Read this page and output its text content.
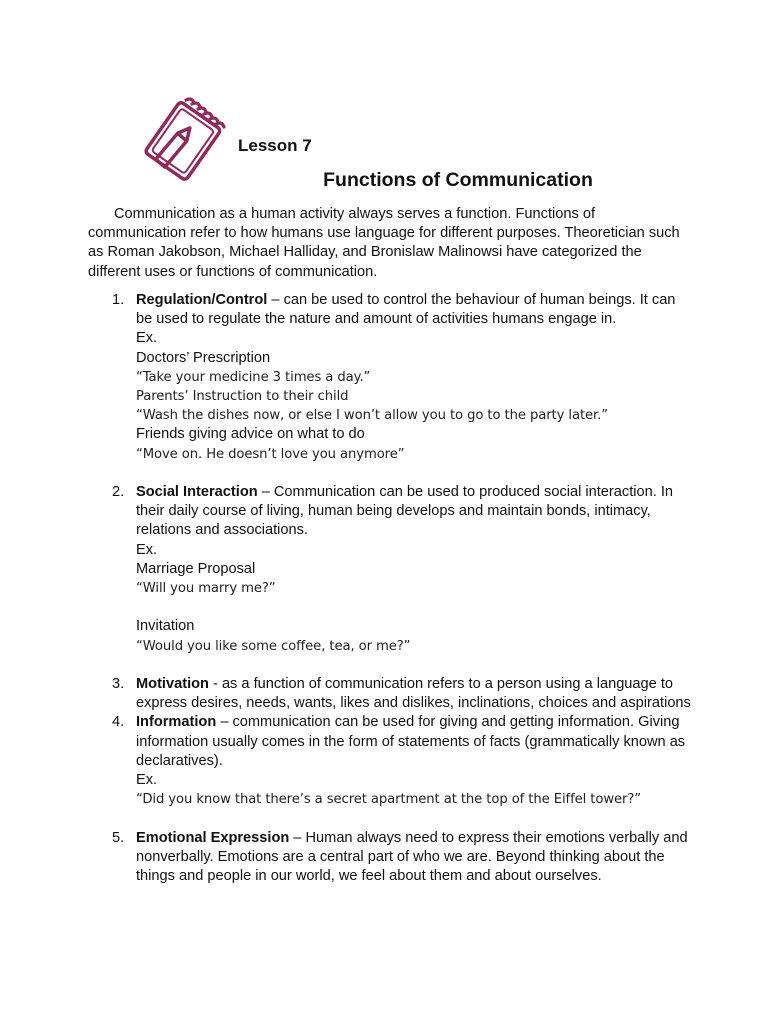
Lesson 7
Functions of Communication
Communication as a human activity always serves a function. Functions of communication refer to how humans use language for different purposes. Theoretician such as Roman Jakobson, Michael Halliday, and Bronislaw Malinowsi have categorized the different uses or functions of communication.
1. Regulation/Control – can be used to control the behaviour of human beings. It can be used to regulate the nature and amount of activities humans engage in.
Ex.
Doctors’ Prescription
“Take your medicine 3 times a day.”
Parents’ Instruction to their child
“Wash the dishes now, or else I won’t allow you to go to the party later.”
Friends giving advice on what to do
“Move on. He doesn’t love you anymore”
2. Social Interaction – Communication can be used to produced social interaction. In their daily course of living, human being develops and maintain bonds, intimacy, relations and associations.
Ex.
Marriage Proposal
“Will you marry me?”
Invitation
“Would you like some coffee, tea, or me?”
3. Motivation - as a function of communication refers to a person using a language to express desires, needs, wants, likes and dislikes, inclinations, choices and aspirations
4. Information – communication can be used for giving and getting information. Giving information usually comes in the form of statements of facts (grammatically known as declaratives).
Ex.
“Did you know that there’s a secret apartment at the top of the Eiffel tower?”
5. Emotional Expression – Human always need to express their emotions verbally and nonverbally. Emotions are a central part of who we are. Beyond thinking about the things and people in our world, we feel about them and about ourselves.
